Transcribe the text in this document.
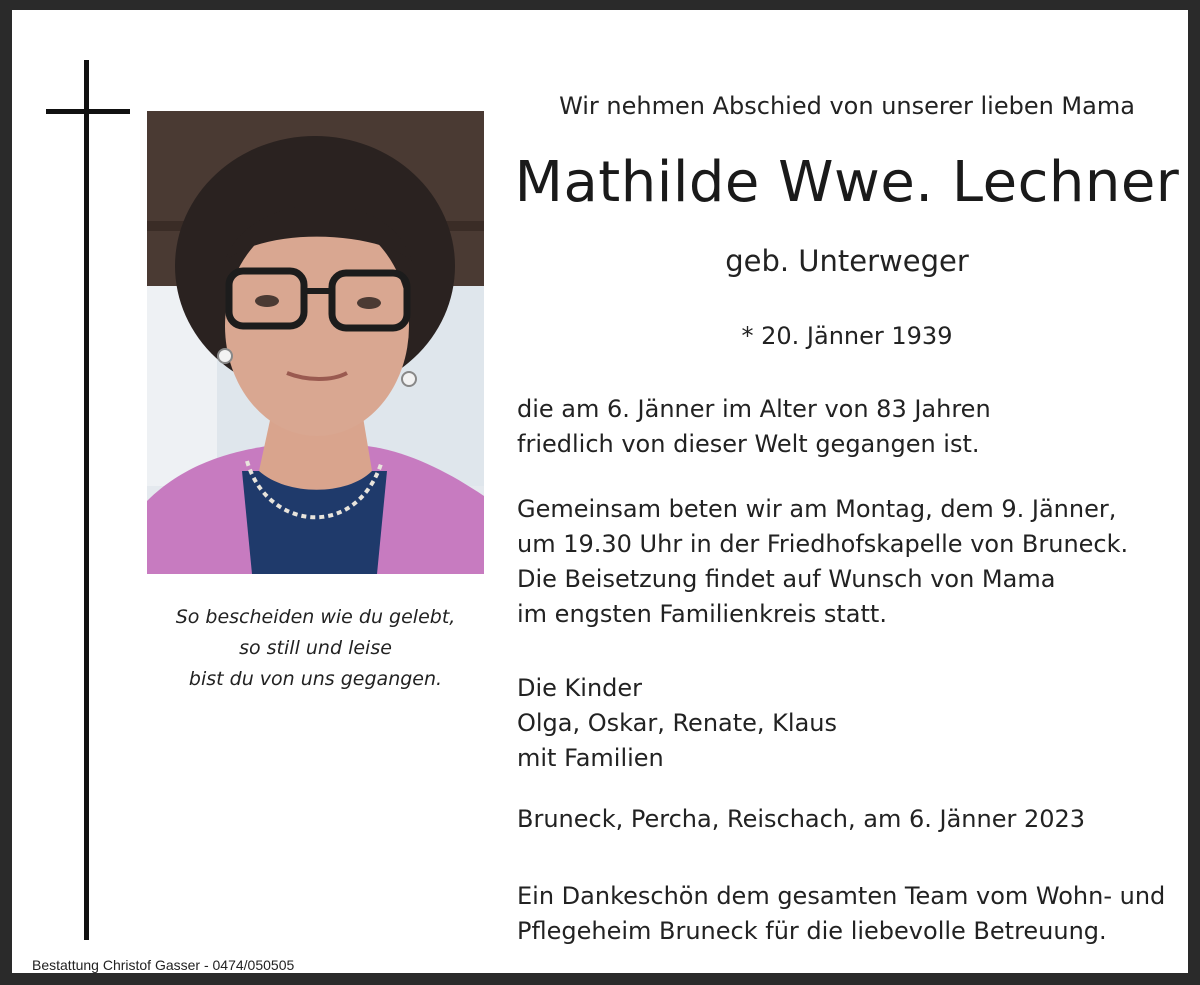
So bescheiden wie du gelebt,
so still und leise
bist du von uns gegangen.
Wir nehmen Abschied von unserer lieben Mama
Mathilde Wwe. Lechner
geb. Unterweger
* 20. Jänner 1939
die am 6. Jänner im Alter von 83 Jahren
friedlich von dieser Welt gegangen ist.
Gemeinsam beten wir am Montag, dem 9. Jänner,
um 19.30 Uhr in der Friedhofskapelle von Bruneck.
Die Beisetzung findet auf Wunsch von Mama
im engsten Familienkreis statt.
Die Kinder
Olga, Oskar, Renate, Klaus
mit Familien
Bruneck, Percha, Reischach, am 6. Jänner 2023
Ein Dankeschön dem gesamten Team vom Wohn- und
Pflegeheim Bruneck für die liebevolle Betreuung.
Bestattung Christof Gasser - 0474/050505
